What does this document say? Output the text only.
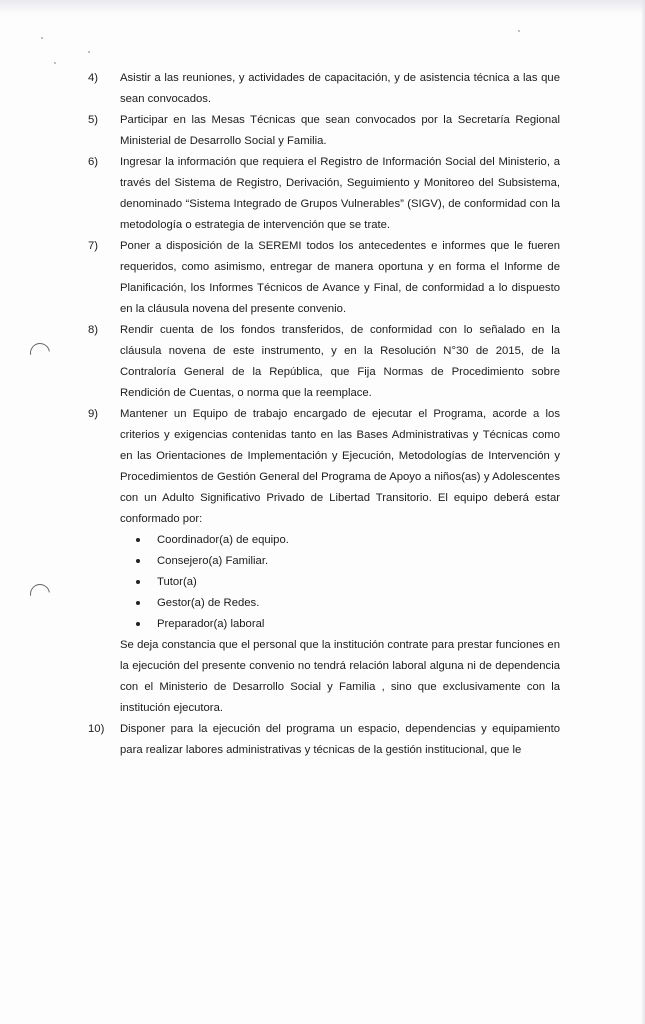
4) Asistir a las reuniones, y actividades de capacitación, y de asistencia técnica a las que sean convocados.

5) Participar en las Mesas Técnicas que sean convocados por la Secretaría Regional Ministerial de Desarrollo Social y Familia.

6) Ingresar la información que requiera el Registro de Información Social del Ministerio, a través del Sistema de Registro, Derivación, Seguimiento y Monitoreo del Subsistema, denominado “Sistema Integrado de Grupos Vulnerables” (SIGV), de conformidad con la metodología o estrategia de intervención que se trate.

7) Poner a disposición de la SEREMI todos los antecedentes e informes que le fueren requeridos, como asimismo, entregar de manera oportuna y en forma el Informe de Planificación, los Informes Técnicos de Avance y Final, de conformidad a lo dispuesto en la cláusula novena del presente convenio.

8) Rendir cuenta de los fondos transferidos, de conformidad con lo señalado en la cláusula novena de este instrumento, y en la Resolución N°30 de 2015, de la Contraloría General de la República, que Fija Normas de Procedimiento sobre Rendición de Cuentas, o norma que la reemplace.

9) Mantener un Equipo de trabajo encargado de ejecutar el Programa, acorde a los criterios y exigencias contenidas tanto en las Bases Administrativas y Técnicas como en las Orientaciones de Implementación y Ejecución, Metodologías de Intervención y Procedimientos de Gestión General del Programa de Apoyo a niños(as) y Adolescentes con un Adulto Significativo Privado de Libertad Transitorio. El equipo deberá estar conformado por:

Coordinador(a) de equipo.
Consejero(a) Familiar.
Tutor(a)
Gestor(a) de Redes.
Preparador(a) laboral

Se deja constancia que el personal que la institución contrate para prestar funciones en la ejecución del presente convenio no tendrá relación laboral alguna ni de dependencia con el Ministerio de Desarrollo Social y Familia , sino que exclusivamente con la institución ejecutora.

10) Disponer para la ejecución del programa un espacio, dependencias y equipamiento para realizar labores administrativas y técnicas de la gestión institucional, que le
